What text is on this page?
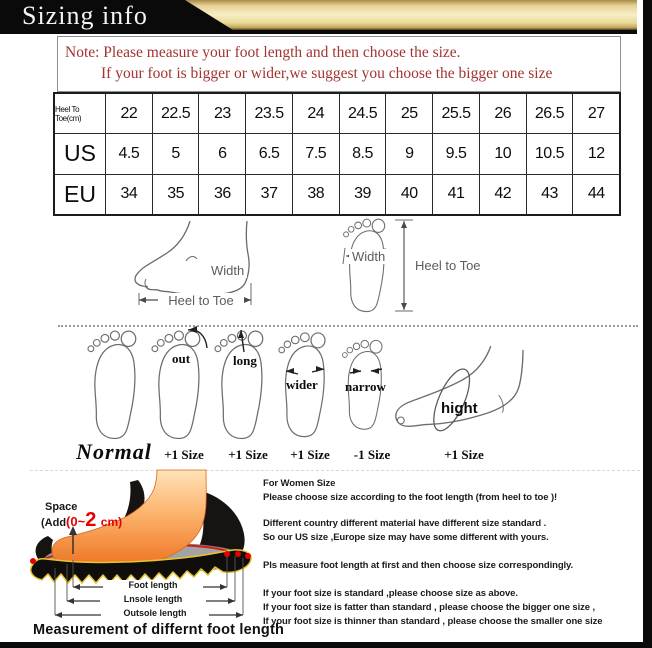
Sizing info
Note: Please measure your foot length and then choose the size.
If your foot is bigger or wider,we suggest you choose the bigger one size
Heel To Toe(cm)	22	22.5	23	23.5	24	24.5	25	25.5	26	26.5	27
US	4.5	5	6	6.5	7.5	8.5	9	9.5	10	10.5	12
EU	34	35	36	37	38	39	40	41	42	43	44
Width
Heel to Toe
Width
Heel to Toe
out	long
wider narrow
hight
Normal +1 Size	+1 Size	+1 Size	-1 Size	+1 Size
Space
(Add(0~2 cm)
Foot length
Lnsole length
Outsole length
Measurement of differnt foot length
For Women Size
Please choose size according to the foot length (from heel to toe )!
Different country different material have different size standard .
So our US size ,Europe size may have some different with yours.
Pls measure foot length at first and then choose size correspondingly.
If your foot size is standard ,please choose size as above.
If your foot size is fatter than standard , please choose the bigger one size ,
If your foot size is thinner than standard , please choose the smaller one size
